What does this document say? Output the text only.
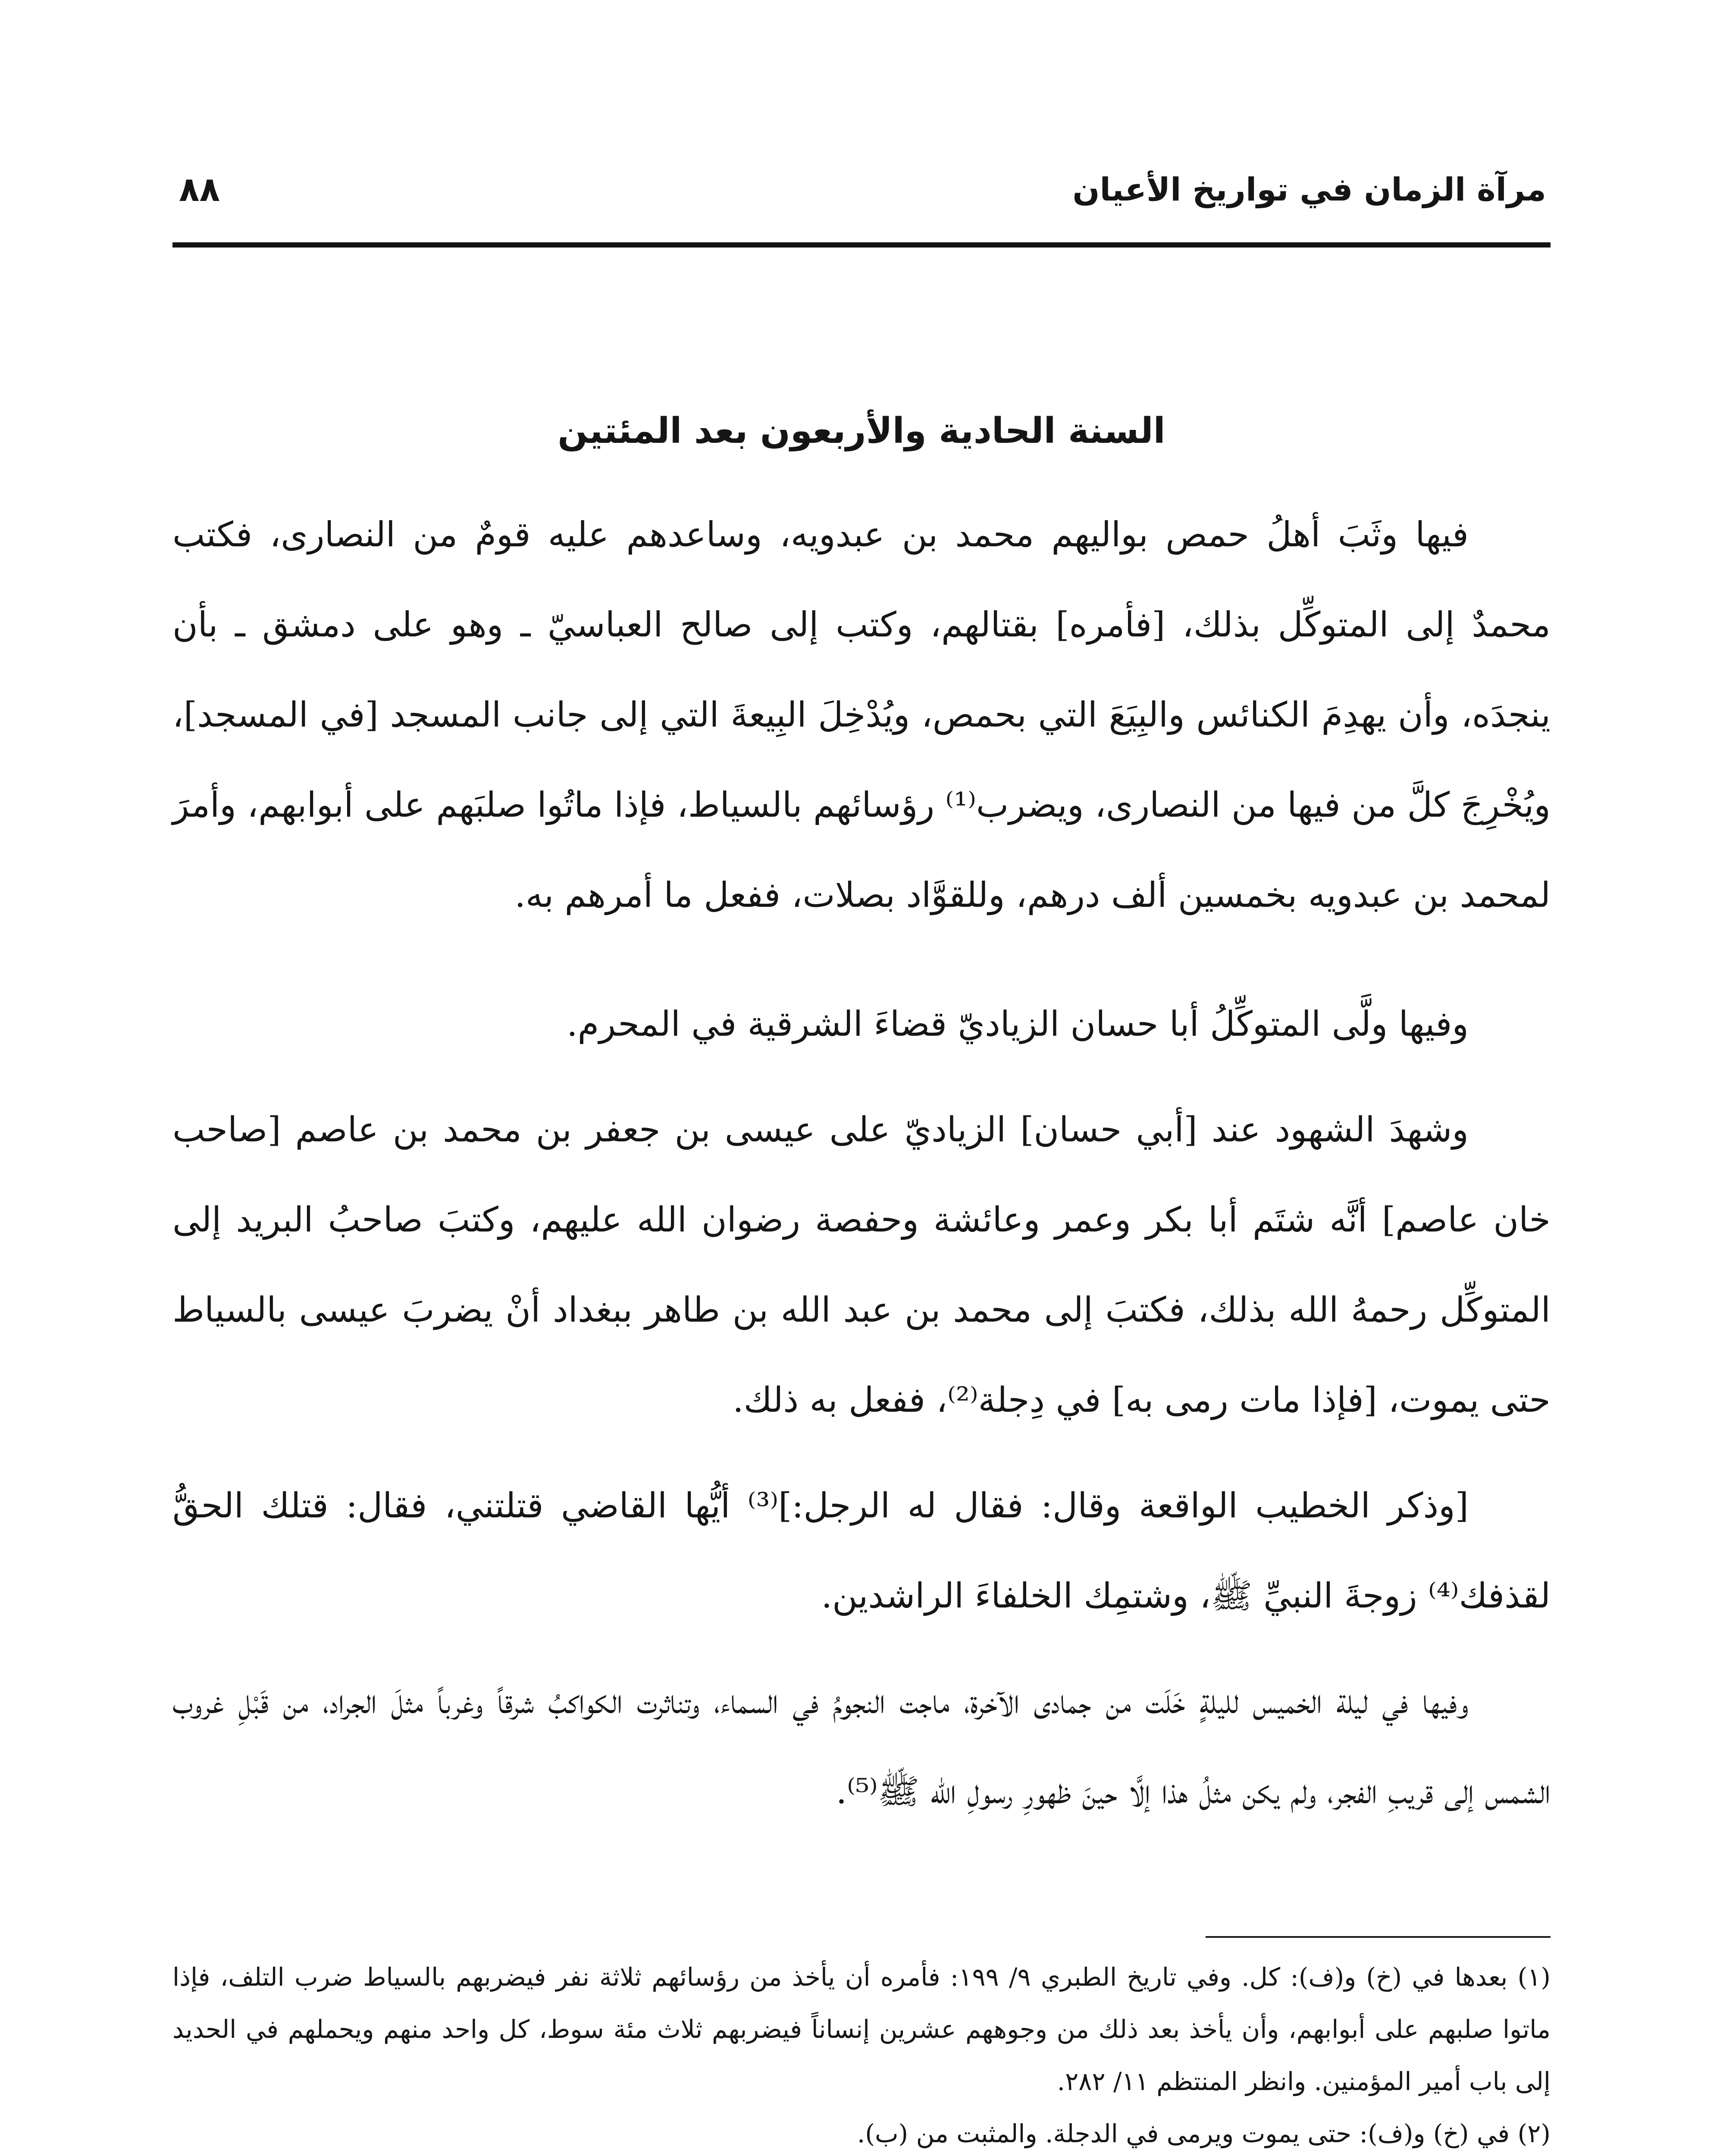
مرآة الزمان في تواريخ الأعيان
٨٨
السنة الحادية والأربعون بعد المئتين

فيها وثَبَ أهلُ حمص بواليهم محمد بن عبدويه، وساعدهم عليه قومٌ من النصارى، فكتب محمدٌ إلى المتوكِّل بذلك، [فأمره] بقتالهم، وكتب إلى صالح العباسيّ ـ وهو على دمشق ـ بأن ينجدَه، وأن يهدِمَ الكنائس والبِيَعَ التي بحمص، ويُدْخِلَ البِيعةَ التي إلى جانب المسجد [في المسجد]، ويُخْرِجَ كلَّ من فيها من النصارى، ويضرب⁽¹⁾ رؤسائهم بالسياط، فإذا ماتُوا صلبَهم على أبوابهم، وأمرَ لمحمد بن عبدويه بخمسين ألف درهم، وللقوَّاد بصلات، ففعل ما أمرهم به.

وفيها ولَّى المتوكِّلُ أبا حسان الزياديّ قضاءَ الشرقية في المحرم.

وشهدَ الشهود عند [أبي حسان] الزياديّ على عيسى بن جعفر بن محمد بن عاصم [صاحب خان عاصم] أنَّه شتَم أبا بكر وعمر وعائشة وحفصة رضوان الله عليهم، وكتبَ صاحبُ البريد إلى المتوكِّل رحمهُ الله بذلك، فكتبَ إلى محمد بن عبد الله بن طاهر ببغداد أنْ يضربَ عيسى بالسياط حتى يموت، [فإذا مات رمى به] في دِجلة⁽²⁾، ففعل به ذلك.

[وذكر الخطيب الواقعة وقال: فقال له الرجل:]⁽³⁾ أيُّها القاضي قتلتني، فقال: قتلك الحقُّ لقذفك⁽⁴⁾ زوجةَ النبيِّ ﷺ، وشتمِك الخلفاءَ الراشدين.

وفيها في ليلة الخميس لليلةٍ خَلَت من جمادى الآخرة، ماجت النجومُ في السماء، وتناثرت الكواكبُ شرقاً وغرباً مثلَ الجراد، من قَبْلِ غروب الشمس إلى قريبِ الفجر، ولم يكن مثلُ هذا إلَّا حينَ ظهورِ رسولِ الله ﷺ⁽⁵⁾.

(١) بعدها في (خ) و(ف): كل. وفي تاريخ الطبري ٩/ ١٩٩: فأمره أن يأخذ من رؤسائهم ثلاثة نفر فيضربهم بالسياط ضرب التلف، فإذا ماتوا صلبهم على أبوابهم، وأن يأخذ بعد ذلك من وجوههم عشرين إنساناً فيضربهم ثلاث مئة سوط، كل واحد منهم ويحملهم في الحديد إلى باب أمير المؤمنين. وانظر المنتظم ١١/ ٢٨٢.

(٢) في (خ) و(ف): حتى يموت ويرمى في الدجلة. والمثبت من (ب).
